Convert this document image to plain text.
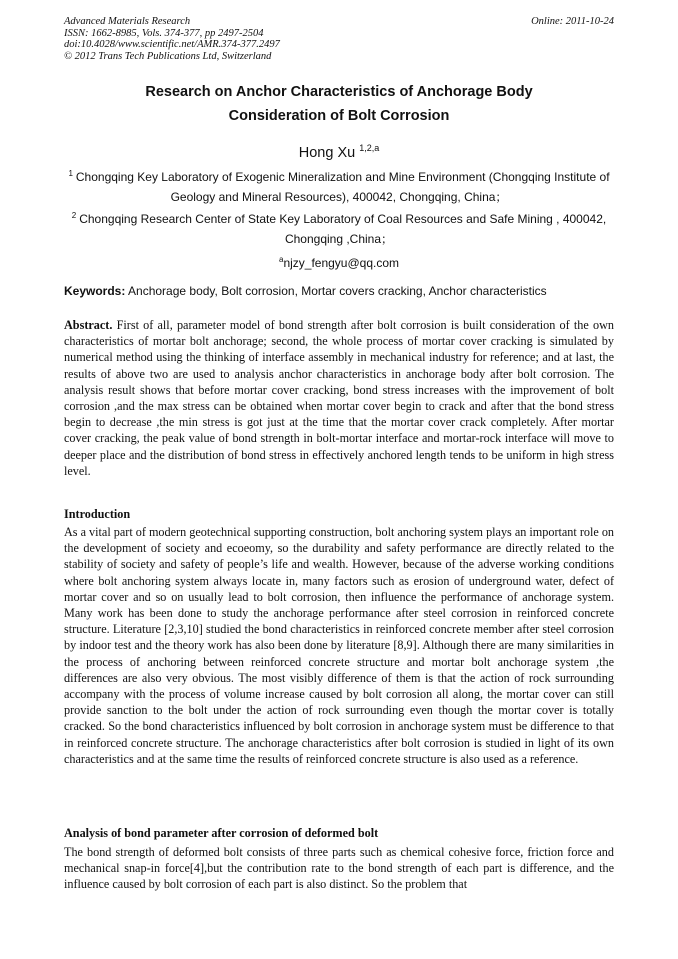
Advanced Materials Research	Online: 2011-10-24
ISSN: 1662-8985, Vols. 374-377, pp 2497-2504
doi:10.4028/www.scientific.net/AMR.374-377.2497
© 2012 Trans Tech Publications Ltd, Switzerland
Research on Anchor Characteristics of Anchorage Body
Consideration of Bolt Corrosion
Hong Xu $^{1,2,a}$
$^1$ Chongqing Key Laboratory of Exogenic Mineralization and Mine Environment (Chongqing Institute of Geology and Mineral Resources), 400042, Chongqing, China；
$^2$ Chongqing Research Center of State Key Laboratory of Coal Resources and Safe Mining , 400042, Chongqing ,China；
$^a$njzy_fengyu@qq.com
Keywords: Anchorage body, Bolt corrosion, Mortar covers cracking, Anchor characteristics
Abstract. First of all, parameter model of bond strength after bolt corrosion is built consideration of the own characteristics of mortar bolt anchorage; second, the whole process of mortar cover cracking is simulated by numerical method using the thinking of interface assembly in mechanical industry for reference; and at last, the results of above two are used to analysis anchor characteristics in anchorage body after bolt corrosion. The analysis result shows that before mortar cover cracking, bond stress increases with the improvement of bolt corrosion ,and the max stress can be obtained when mortar cover begin to crack and after that the bond stress begin to decrease ,the min stress is got just at the time that the mortar cover crack completely. After mortar cover cracking, the peak value of bond strength in bolt-mortar interface and mortar-rock interface will move to deeper place and the distribution of bond stress in effectively anchored length tends to be uniform in high stress level.
Introduction
As a vital part of modern geotechnical supporting construction, bolt anchoring system plays an important role on the development of society and ecoeomy, so the durability and safety performance are directly related to the stability of society and safety of people’s life and wealth. However, because of the adverse working conditions where bolt anchoring system always locate in, many factors such as erosion of underground water, defect of mortar cover and so on usually lead to bolt corrosion, then influence the performance of anchorage system. Many work has been done to study the anchorage performance after steel corrosion in reinforced concrete structure. Literature [2,3,10] studied the bond characteristics in reinforced concrete member after steel corrosion by indoor test and the theory work has also been done by literature [8,9]. Although there are many similarities in the process of anchoring between reinforced concrete structure and mortar bolt anchorage system ,the differences are also very obvious. The most visibly difference of them is that the action of rock surrounding accompany with the process of volume increase caused by bolt corrosion all along, the mortar cover can still provide sanction to the bolt under the action of rock surrounding even though the mortar cover is totally cracked. So the bond characteristics influenced by bolt corrosion in anchorage system must be difference to that in reinforced concrete structure. The anchorage characteristics after bolt corrosion is studied in light of its own characteristics and at the same time the results of reinforced concrete structure is also used as a reference.
Analysis of bond parameter after corrosion of deformed bolt
The bond strength of deformed bolt consists of three parts such as chemical cohesive force, friction force and mechanical snap-in force[4],but the contribution rate to the bond strength of each part is difference, and the influence caused by bolt corrosion of each part is also distinct. So the problem that
